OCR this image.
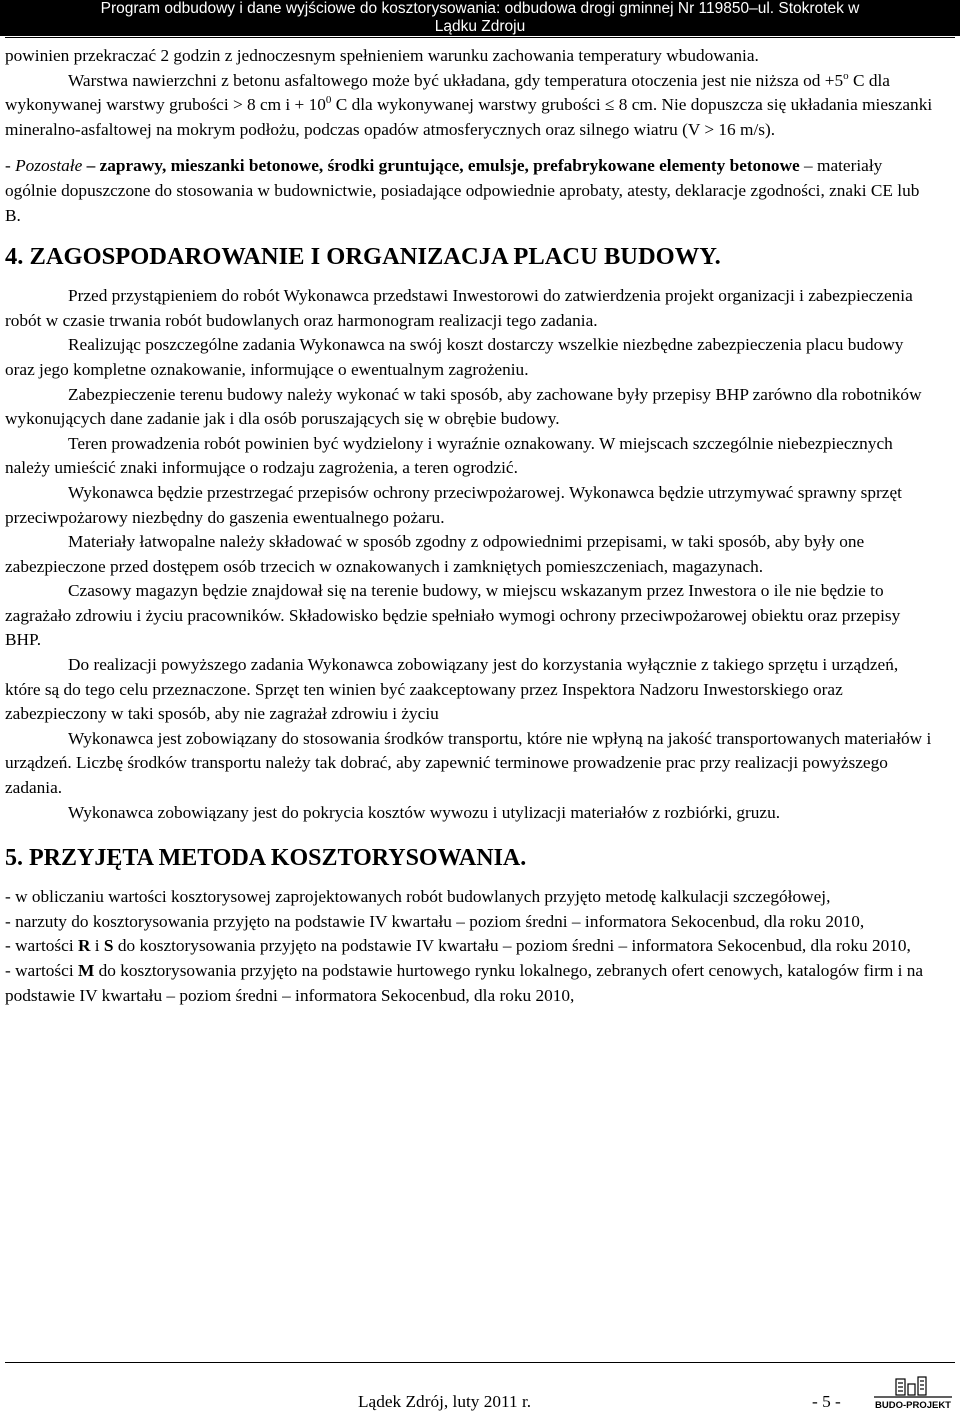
Program odbudowy i dane wyjściowe do kosztorysowania: odbudowa drogi gminnej Nr 119850–ul. Stokrotek w
Lądku Zdroju

powinien przekraczać 2 godzin z jednoczesnym spełnieniem warunku zachowania temperatury wbudowania.

Warstwa nawierzchni z betonu asfaltowego może być układana, gdy temperatura otoczenia jest nie niższa od $+5^o$ C dla wykonywanej warstwy grubości > 8 cm $i + 10^0$ C dla wykonywanej warstwy grubości ≤ 8 cm. Nie dopuszcza się układania mieszanki mineralno-asfaltowej na mokrym podłożu, podczas opadów atmosferycznych oraz silnego wiatru (V > 16 m/s).

- Pozostałe – zaprawy, mieszanki betonowe, środki gruntujące, emulsje, prefabrykowane elementy betonowe – materiały ogólnie dopuszczone do stosowania w budownictwie, posiadające odpowiednie aprobaty, atesty, deklaracje zgodności, znaki CE lub B.

4. ZAGOSPODAROWANIE I ORGANIZACJA PLACU BUDOWY.

Przed przystąpieniem do robót Wykonawca przedstawi Inwestorowi do zatwierdzenia projekt organizacji i zabezpieczenia robót w czasie trwania robót budowlanych oraz harmonogram realizacji tego zadania.

Realizując poszczególne zadania Wykonawca na swój koszt dostarczy wszelkie niezbędne zabezpieczenia placu budowy oraz jego kompletne oznakowanie, informujące o ewentualnym zagrożeniu.

Zabezpieczenie terenu budowy należy wykonać w taki sposób, aby zachowane były przepisy BHP zarówno dla robotników wykonujących dane zadanie jak i dla osób poruszających się w obrębie budowy.

Teren prowadzenia robót powinien być wydzielony i wyraźnie oznakowany. W miejscach szczególnie niebezpiecznych należy umieścić znaki informujące o rodzaju zagrożenia, a teren ogrodzić.

Wykonawca będzie przestrzegać przepisów ochrony przeciwpożarowej. Wykonawca będzie utrzymywać sprawny sprzęt przeciwpożarowy niezbędny do gaszenia ewentualnego pożaru.

Materiały łatwopalne należy składować w sposób zgodny z odpowiednimi przepisami, w taki sposób, aby były one zabezpieczone przed dostępem osób trzecich w oznakowanych i zamkniętych pomieszczeniach, magazynach.

Czasowy magazyn będzie znajdował się na terenie budowy, w miejscu wskazanym przez Inwestora o ile nie będzie to zagrażało zdrowiu i życiu pracowników. Składowisko będzie spełniało wymogi ochrony przeciwpożarowej obiektu oraz przepisy BHP.

Do realizacji powyższego zadania Wykonawca zobowiązany jest do korzystania wyłącznie z takiego sprzętu i urządzeń, które są do tego celu przeznaczone. Sprzęt ten winien być zaakceptowany przez Inspektora Nadzoru Inwestorskiego oraz zabezpieczony w taki sposób, aby nie zagrażał zdrowiu i życiu

Wykonawca jest zobowiązany do stosowania środków transportu, które nie wpłyną na jakość transportowanych materiałów i urządzeń. Liczbę środków transportu należy tak dobrać, aby zapewnić terminowe prowadzenie prac przy realizacji powyższego zadania.

Wykonawca zobowiązany jest do pokrycia kosztów wywozu i utylizacji materiałów z rozbiórki, gruzu.

5. PRZYJĘTA METODA KOSZTORYSOWANIA.

- w obliczaniu wartości kosztorysowej zaprojektowanych robót budowlanych przyjęto metodę kalkulacji szczegółowej,

- narzuty do kosztorysowania przyjęto na podstawie IV kwartału – poziom średni – informatora Sekocenbud, dla roku 2010,

- wartości R i S do kosztorysowania przyjęto na podstawie IV kwartału – poziom średni – informatora Sekocenbud, dla roku 2010,

- wartości M do kosztorysowania przyjęto na podstawie hurtowego rynku lokalnego, zebranych ofert cenowych, katalogów firm i na podstawie IV kwartału – poziom średni – informatora Sekocenbud, dla roku 2010,

Lądek Zdrój, luty 2011 r.	- 5 -	BUDO-PROJEKT
